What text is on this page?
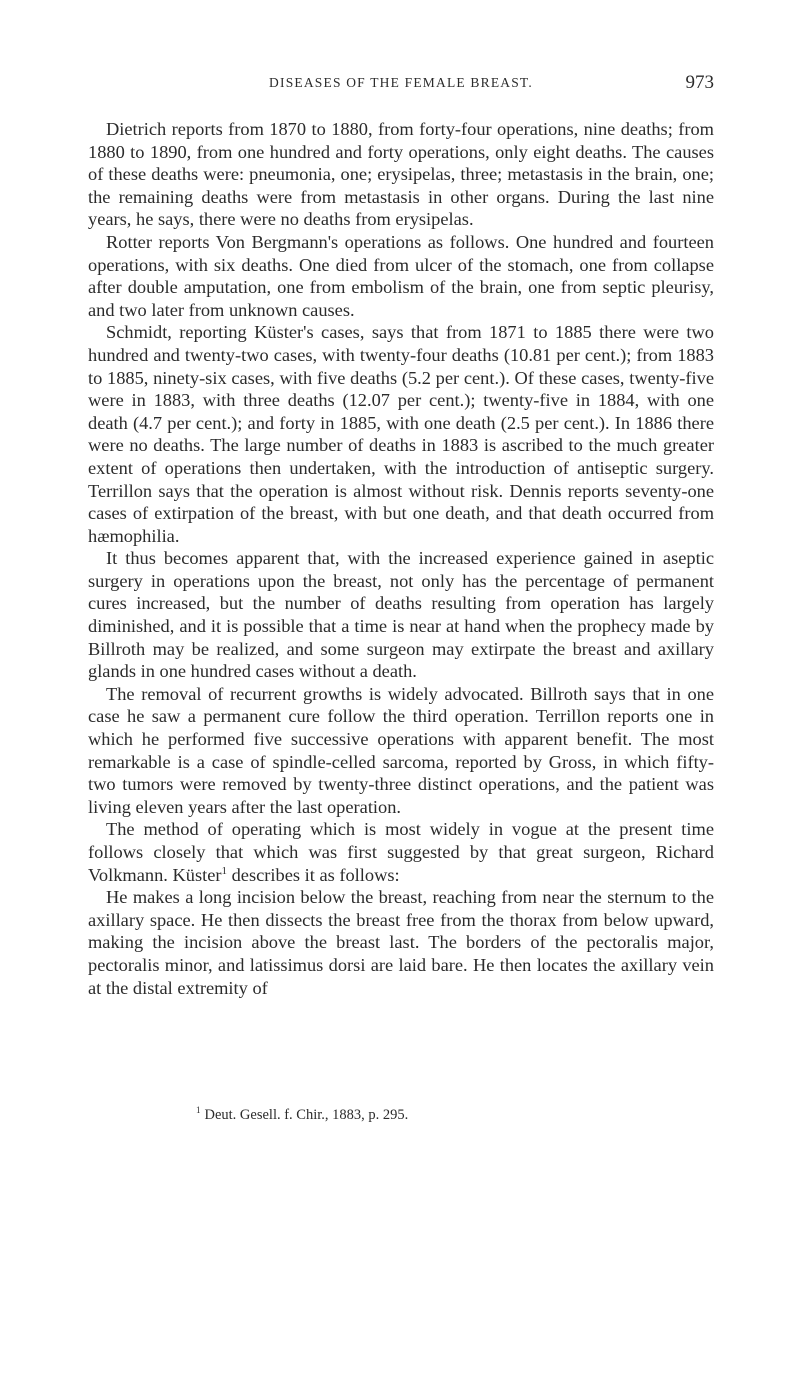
DISEASES OF THE FEMALE BREAST.	973

Dietrich reports from 1870 to 1880, from forty-four operations, nine deaths; from 1880 to 1890, from one hundred and forty operations, only eight deaths. The causes of these deaths were: pneumonia, one; erysipelas, three; metastasis in the brain, one; the remaining deaths were from metastasis in other organs. During the last nine years, he says, there were no deaths from erysipelas.

Rotter reports Von Bergmann's operations as follows. One hundred and fourteen operations, with six deaths. One died from ulcer of the stomach, one from collapse after double amputation, one from embolism of the brain, one from septic pleurisy, and two later from unknown causes.

Schmidt, reporting Küster's cases, says that from 1871 to 1885 there were two hundred and twenty-two cases, with twenty-four deaths (10.81 per cent.); from 1883 to 1885, ninety-six cases, with five deaths (5.2 per cent.). Of these cases, twenty-five were in 1883, with three deaths (12.07 per cent.); twenty-five in 1884, with one death (4.7 per cent.); and forty in 1885, with one death (2.5 per cent.). In 1886 there were no deaths. The large number of deaths in 1883 is ascribed to the much greater extent of operations then undertaken, with the introduction of antiseptic surgery. Terrillon says that the operation is almost without risk. Dennis reports seventy-one cases of extirpation of the breast, with but one death, and that death occurred from hæmophilia.

It thus becomes apparent that, with the increased experience gained in aseptic surgery in operations upon the breast, not only has the percentage of permanent cures increased, but the number of deaths resulting from operation has largely diminished, and it is possible that a time is near at hand when the prophecy made by Billroth may be realized, and some surgeon may extirpate the breast and axillary glands in one hundred cases without a death.

The removal of recurrent growths is widely advocated. Billroth says that in one case he saw a permanent cure follow the third operation. Terrillon reports one in which he performed five successive operations with apparent benefit. The most remarkable is a case of spindle-celled sarcoma, reported by Gross, in which fifty-two tumors were removed by twenty-three distinct operations, and the patient was living eleven years after the last operation.

The method of operating which is most widely in vogue at the present time follows closely that which was first suggested by that great surgeon, Richard Volkmann. Küster$^1$ describes it as follows:

He makes a long incision below the breast, reaching from near the sternum to the axillary space. He then dissects the breast free from the thorax from below upward, making the incision above the breast last. The borders of the pectoralis major, pectoralis minor, and latissimus dorsi are laid bare. He then locates the axillary vein at the distal extremity of

$^1$ Deut. Gesell. f. Chir., 1883, p. 295.
